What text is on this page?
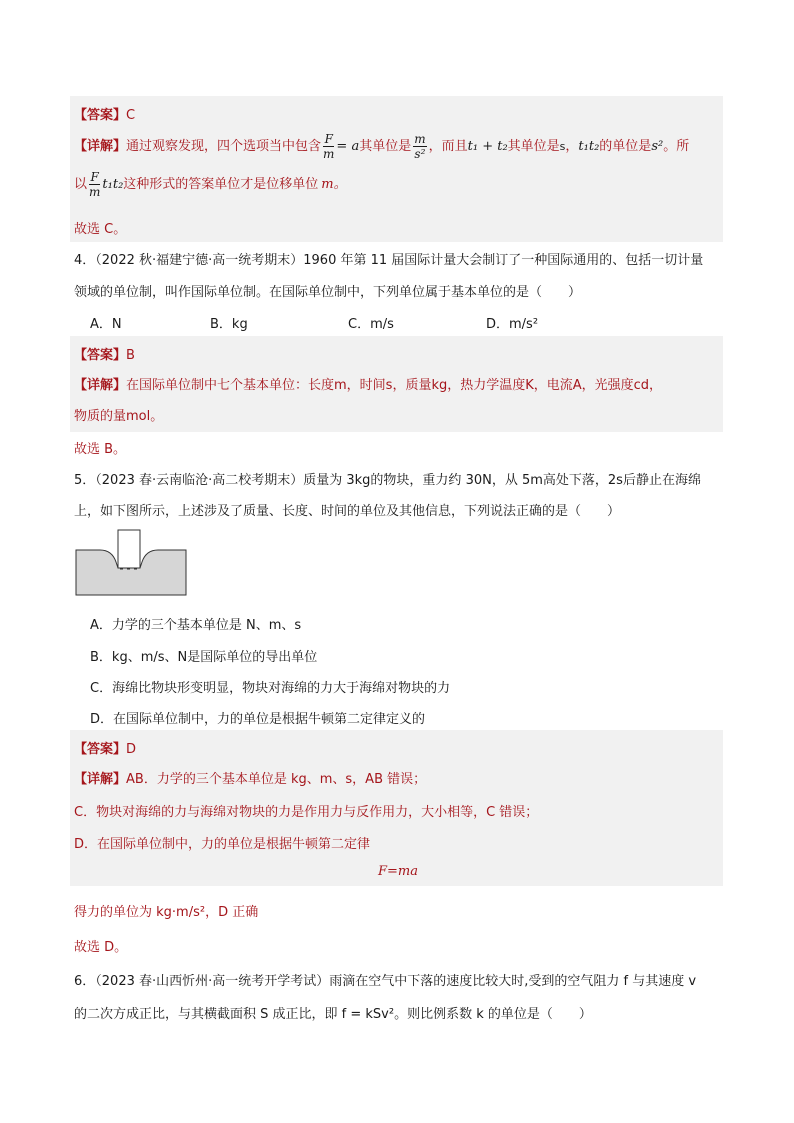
【答案】C
【详解】通过观察发现，四个选项当中包含 $\frac{F}{m} = a$其单位是 $\frac{m}{\text{s²}}$ ，而且t₁ + t₂其单位是s，t₁t₂的单位是s²。所
以 $\frac{F}{m} t_1t_2$这种形式的答案单位才是位移单位 m。
故选 C。
4．（2022 秋·福建宁德·高一统考期末）1960 年第 11 届国际计量大会制订了一种国际通用的、包括一切计量
领域的单位制，叫作国际单位制。在国际单位制中，下列单位属于基本单位的是（　　）
A．N	B．kg	C．m/s	D．m/s²
【答案】B
【详解】在国际单位制中七个基本单位：长度m，时间s，质量kg，热力学温度K，电流A，光强度cd，
物质的量mol。
故选 B。
5．（2023 春·云南临沧·高二校考期末）质量为 3kg的物块，重力约 30N，从 5m高处下落，2s后静止在海绵
上，如下图所示，上述涉及了质量、长度、时间的单位及其他信息，下列说法正确的是（　　）
A．力学的三个基本单位是 N、m、s
B．kg、m/s、N是国际单位的导出单位
C．海绵比物块形变明显，物块对海绵的力大于海绵对物块的力
D．在国际单位制中，力的单位是根据牛顿第二定律定义的
【答案】D
【详解】AB．力学的三个基本单位是 kg、m、s，AB 错误；
C．物块对海绵的力与海绵对物块的力是作用力与反作用力，大小相等，C 错误；
D．在国际单位制中，力的单位是根据牛顿第二定律
F=ma
得力的单位为 kg·m/s²，D 正确
故选 D。
6．（2023 春·山西忻州·高一统考开学考试）雨滴在空气中下落的速度比较大时,受到的空气阻力 f 与其速度 v
的二次方成正比，与其横截面积 S 成正比，即 f = kSv²。则比例系数 k 的单位是（　　）
